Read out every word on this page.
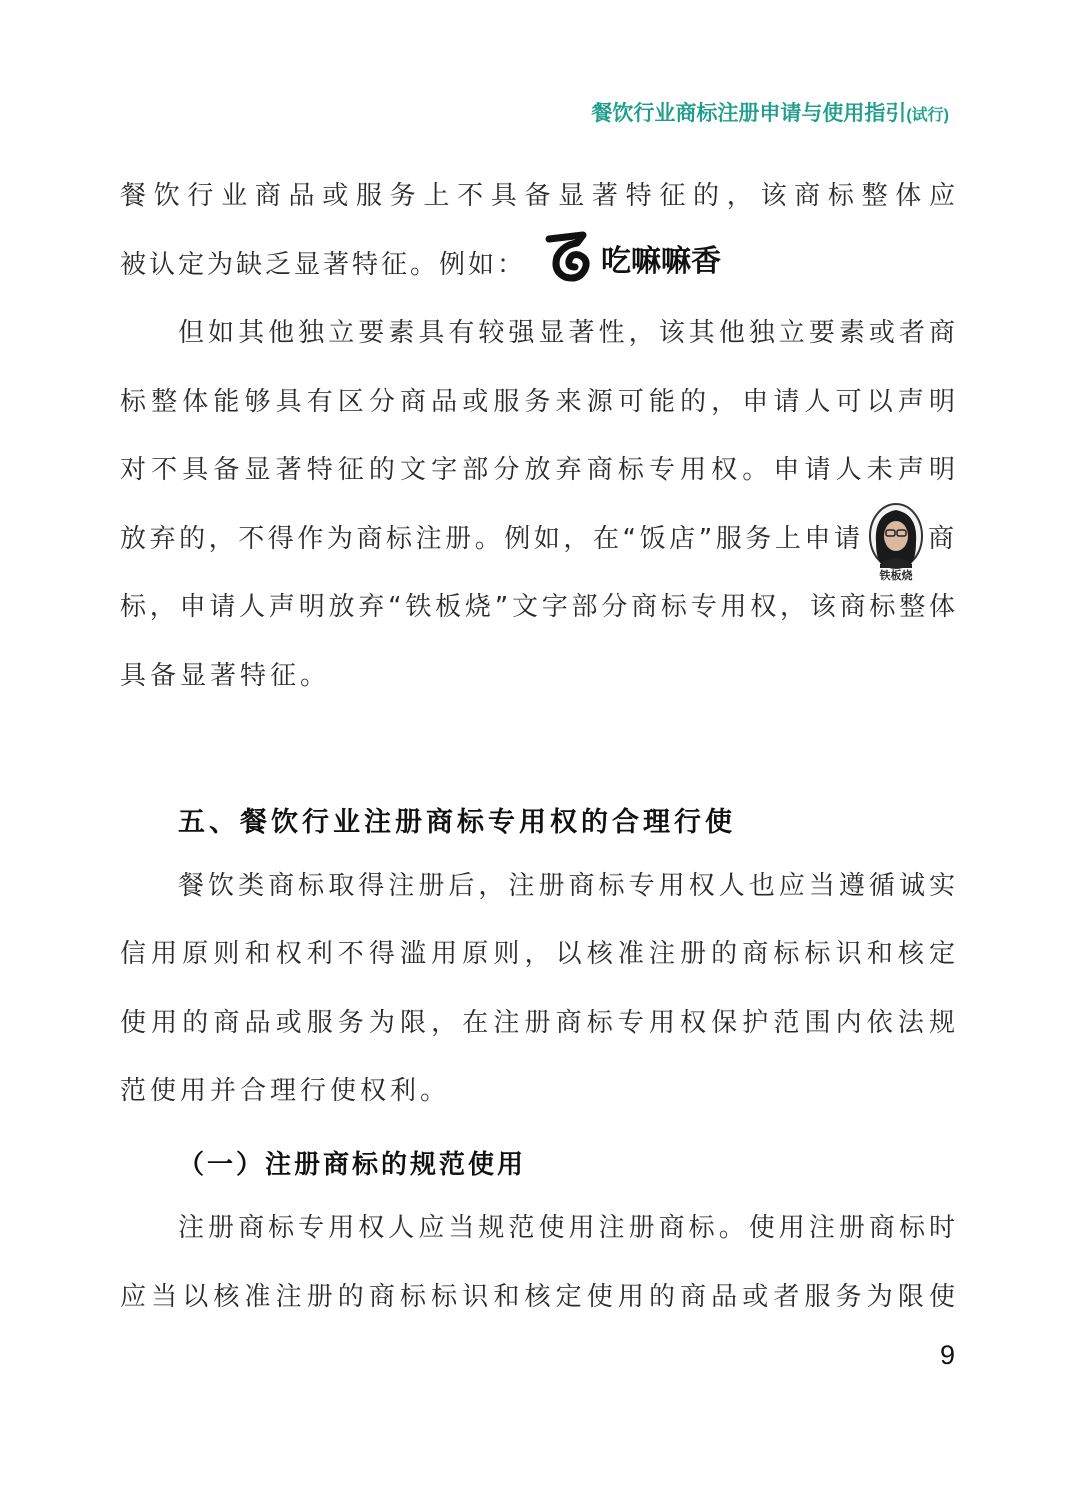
餐饮行业商标注册申请与使用指引(试行)
餐饮行业商品或服务上不具备显著特征的，该商标整体应
被认定为缺乏显著特征。例如：	吃嘛嘛香
但如其他独立要素具有较强显著性，该其他独立要素或者商
标整体能够具有区分商品或服务来源可能的，申请人可以声明
对不具备显著特征的文字部分放弃商标专用权。申请人未声明
放弃的，不得作为商标注册。例如，在“饭店”服务上申请	商
铁板烧
标，申请人声明放弃“铁板烧”文字部分商标专用权，该商标整体
具备显著特征。
五、餐饮行业注册商标专用权的合理行使
餐饮类商标取得注册后，注册商标专用权人也应当遵循诚实
信用原则和权利不得滥用原则，以核准注册的商标标识和核定
使用的商品或服务为限，在注册商标专用权保护范围内依法规
范使用并合理行使权利。
（一）注册商标的规范使用
注册商标专用权人应当规范使用注册商标。使用注册商标时
应当以核准注册的商标标识和核定使用的商品或者服务为限使
9
